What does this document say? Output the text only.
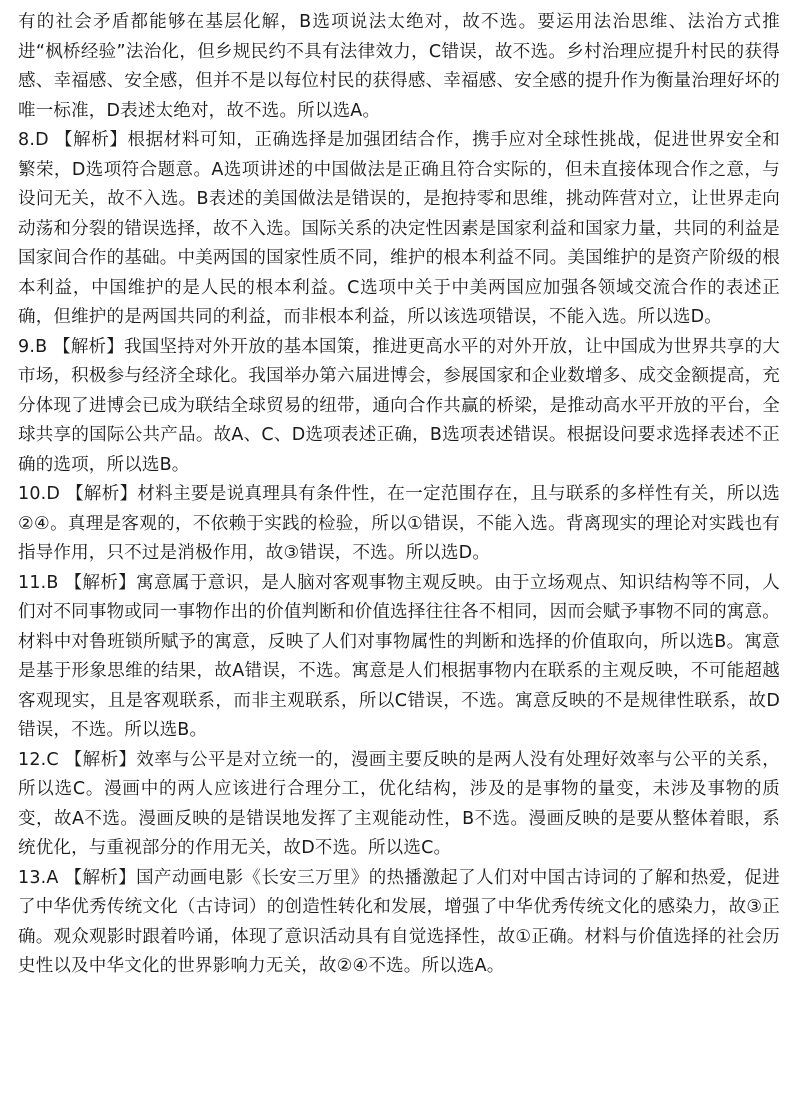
有的社会矛盾都能够在基层化解，B选项说法太绝对，故不选。要运用法治思维、法治方式推进“枫桥经验”法治化，但乡规民约不具有法律效力，C错误，故不选。乡村治理应提升村民的获得感、幸福感、安全感，但并不是以每位村民的获得感、幸福感、安全感的提升作为衡量治理好坏的唯一标准，D表述太绝对，故不选。所以选A。

8.D 【解析】根据材料可知，正确选择是加强团结合作，携手应对全球性挑战，促进世界安全和繁荣，D选项符合题意。A选项讲述的中国做法是正确且符合实际的，但未直接体现合作之意，与设问无关，故不入选。B表述的美国做法是错误的，是抱持零和思维，挑动阵营对立，让世界走向动荡和分裂的错误选择，故不入选。国际关系的决定性因素是国家利益和国家力量，共同的利益是国家间合作的基础。中美两国的国家性质不同，维护的根本利益不同。美国维护的是资产阶级的根本利益，中国维护的是人民的根本利益。C选项中关于中美两国应加强各领域交流合作的表述正确，但维护的是两国共同的利益，而非根本利益，所以该选项错误，不能入选。所以选D。

9.B 【解析】我国坚持对外开放的基本国策，推进更高水平的对外开放，让中国成为世界共享的大市场，积极参与经济全球化。我国举办第六届进博会，参展国家和企业数增多、成交金额提高，充分体现了进博会已成为联结全球贸易的纽带，通向合作共赢的桥梁，是推动高水平开放的平台，全球共享的国际公共产品。故A、C、D选项表述正确，B选项表述错误。根据设问要求选择表述不正确的选项，所以选B。

10.D 【解析】材料主要是说真理具有条件性，在一定范围存在，且与联系的多样性有关，所以选②④。真理是客观的，不依赖于实践的检验，所以①错误，不能入选。背离现实的理论对实践也有指导作用，只不过是消极作用，故③错误，不选。所以选D。

11.B 【解析】寓意属于意识，是人脑对客观事物主观反映。由于立场观点、知识结构等不同，人们对不同事物或同一事物作出的价值判断和价值选择往往各不相同，因而会赋予事物不同的寓意。材料中对鲁班锁所赋予的寓意，反映了人们对事物属性的判断和选择的价值取向，所以选B。寓意是基于形象思维的结果，故A错误，不选。寓意是人们根据事物内在联系的主观反映，不可能超越客观现实，且是客观联系，而非主观联系，所以C错误，不选。寓意反映的不是规律性联系，故D错误，不选。所以选B。

12.C 【解析】效率与公平是对立统一的，漫画主要反映的是两人没有处理好效率与公平的关系，所以选C。漫画中的两人应该进行合理分工，优化结构，涉及的是事物的量变，未涉及事物的质变，故A不选。漫画反映的是错误地发挥了主观能动性，B不选。漫画反映的是要从整体着眼，系统优化，与重视部分的作用无关，故D不选。所以选C。

13.A 【解析】国产动画电影《长安三万里》的热播激起了人们对中国古诗词的了解和热爱，促进了中华优秀传统文化（古诗词）的创造性转化和发展，增强了中华优秀传统文化的感染力，故③正确。观众观影时跟着吟诵，体现了意识活动具有自觉选择性，故①正确。材料与价值选择的社会历史性以及中华文化的世界影响力无关，故②④不选。所以选A。
